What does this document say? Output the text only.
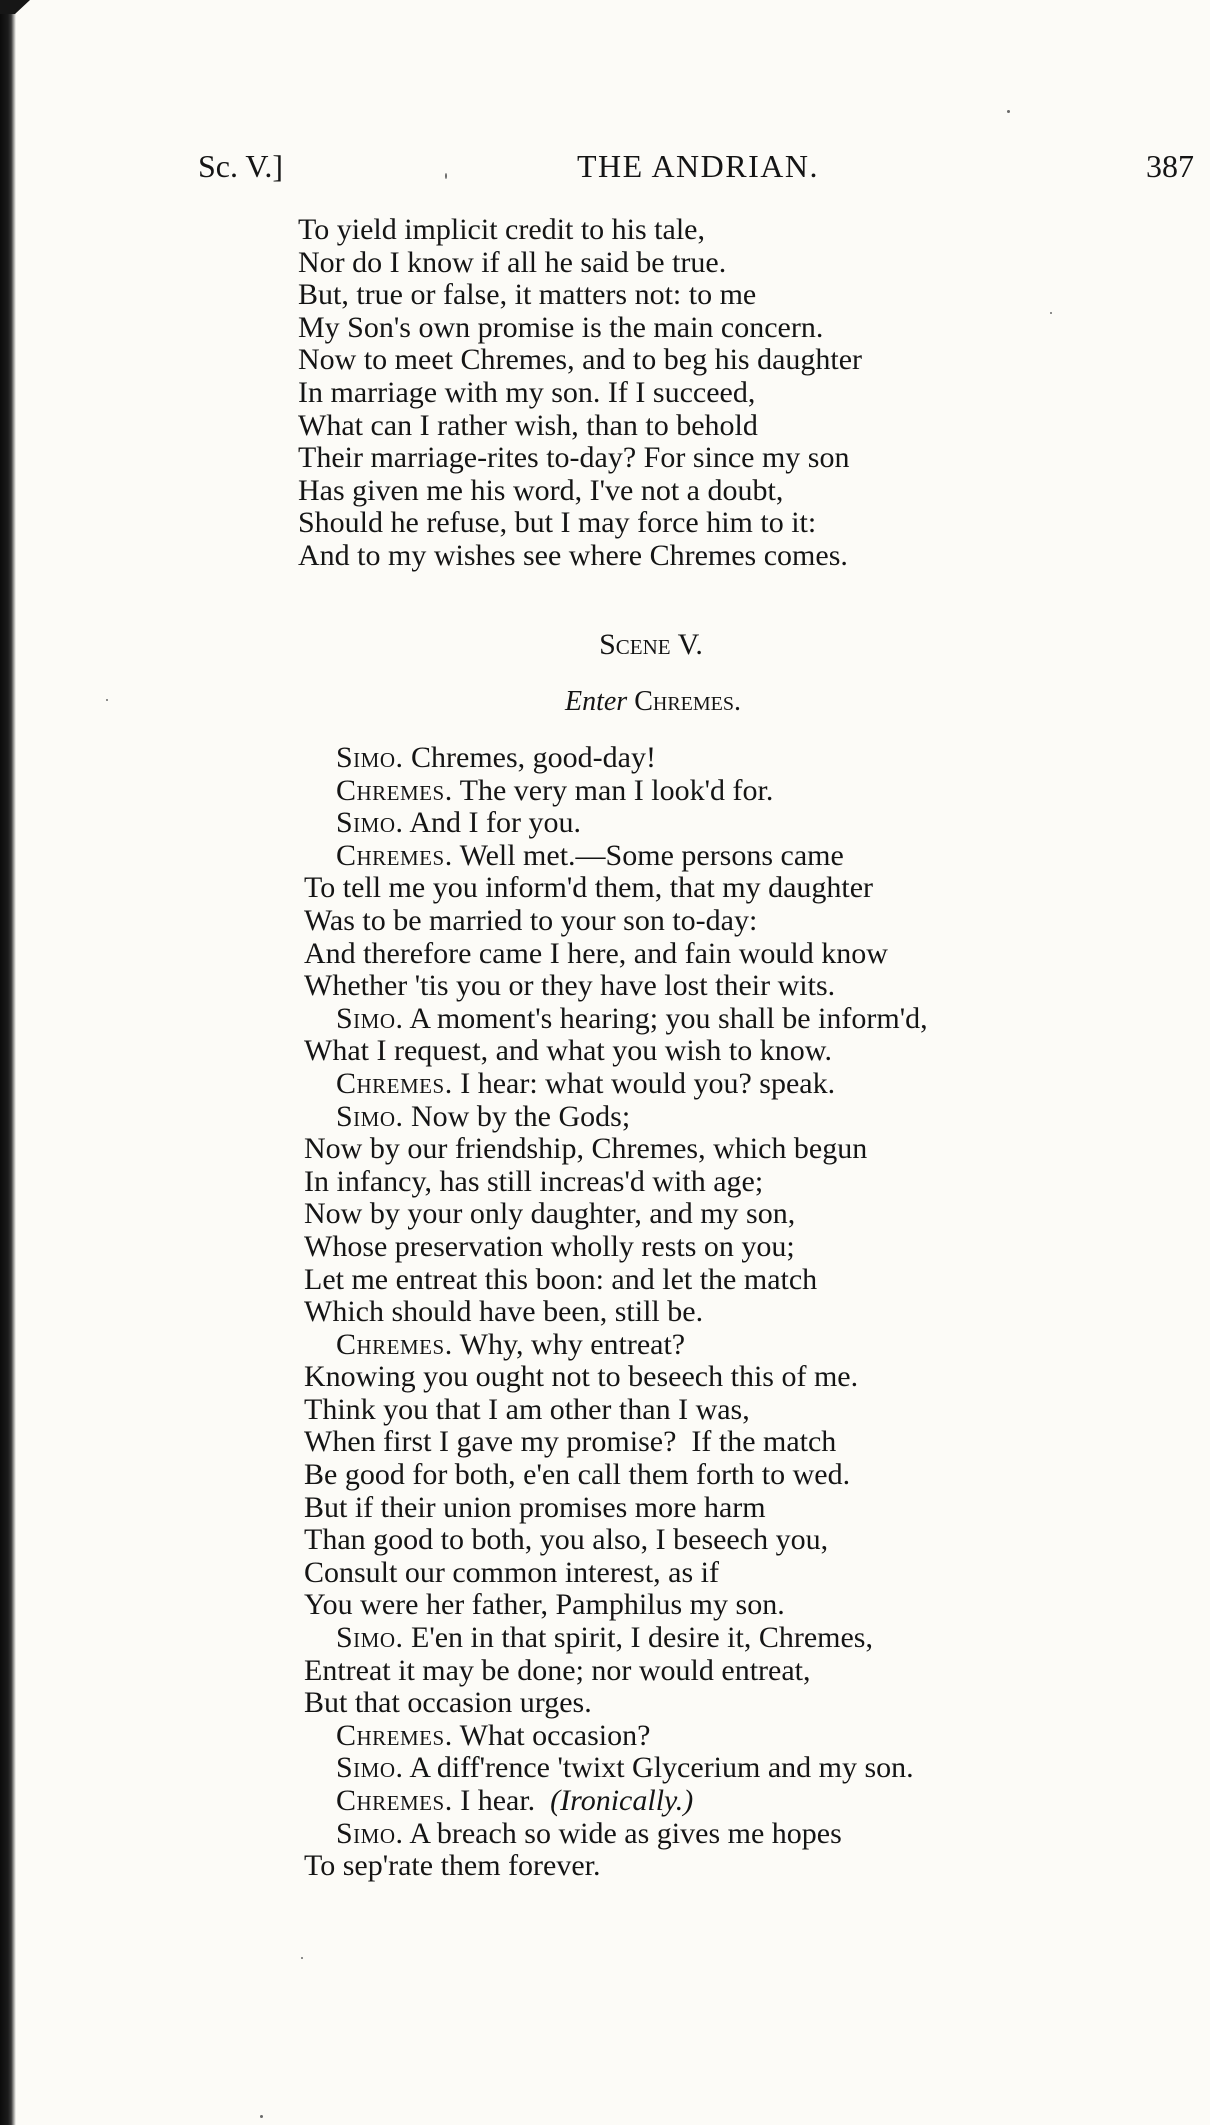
Sc. V.]	THE ANDRIAN.	387
To yield implicit credit to his tale,
Nor do I know if all he said be true.
But, true or false, it matters not: to me
My Son's own promise is the main concern.
Now to meet Chremes, and to beg his daughter
In marriage with my son. If I succeed,
What can I rather wish, than to behold
Their marriage-rites to-day? For since my son
Has given me his word, I've not a doubt,
Should he refuse, but I may force him to it:
And to my wishes see where Chremes comes.
Scene V.
Enter Chremes.
Simo. Chremes, good-day!
Chremes. The very man I look'd for.
Simo. And I for you.
Chremes. Well met.—Some persons came
To tell me you inform'd them, that my daughter
Was to be married to your son to-day:
And therefore came I here, and fain would know
Whether 'tis you or they have lost their wits.
Simo. A moment's hearing; you shall be inform'd,
What I request, and what you wish to know.
Chremes. I hear: what would you? speak.
Simo. Now by the Gods;
Now by our friendship, Chremes, which begun
In infancy, has still increas'd with age;
Now by your only daughter, and my son,
Whose preservation wholly rests on you;
Let me entreat this boon: and let the match
Which should have been, still be.
Chremes. Why, why entreat?
Knowing you ought not to beseech this of me.
Think you that I am other than I was,
When first I gave my promise?  If the match
Be good for both, e'en call them forth to wed.
But if their union promises more harm
Than good to both, you also, I beseech you,
Consult our common interest, as if
You were her father, Pamphilus my son.
Simo. E'en in that spirit, I desire it, Chremes,
Entreat it may be done; nor would entreat,
But that occasion urges.
Chremes. What occasion?
Simo. A diff'rence 'twixt Glycerium and my son.
Chremes. I hear.  (Ironically.)
Simo. A breach so wide as gives me hopes
To sep'rate them forever.
